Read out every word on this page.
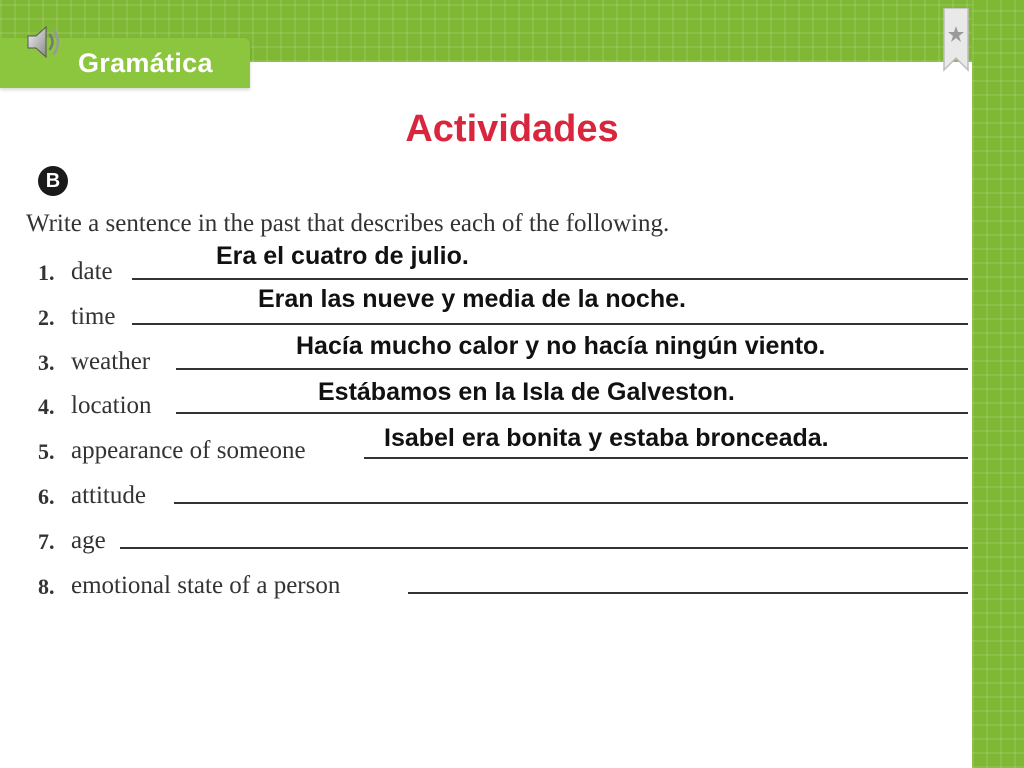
Gramática
Actividades
B
Write a sentence in the past that describes each of the following.
1. date
2. time
3. weather
4. location
5. appearance of someone
6. attitude
7. age
8. emotional state of a person
Era el cuatro de julio.
Eran las nueve y media de la noche.
Hacía mucho calor y no hacía ningún viento.
Estábamos en la Isla de Galveston.
Isabel era bonita y estaba bronceada.
